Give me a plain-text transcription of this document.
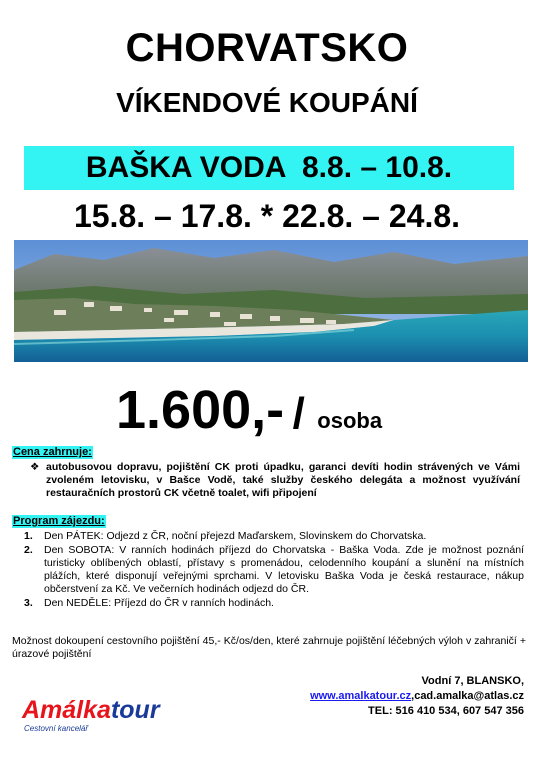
CHORVATSKO
VÍKENDOVÉ KOUPÁNÍ
BAŠKA VODA  8.8. – 10.8.
15.8. – 17.8. * 22.8. – 24.8.
1.600,- / osoba
Cena zahrnuje:
❖ autobusovou dopravu, pojištění CK proti úpadku, garanci devíti hodin strávených ve Vámi zvoleném letovisku, v Bašce Vodě, také služby českého delegáta a možnost využívání restauračních prostorů CK včetně toalet, wifi připojení
Program zájezdu:
1.	Den PÁTEK: Odjezd z ČR, noční přejezd Maďarskem, Slovinskem do Chorvatska.
2.	Den SOBOTA: V ranních hodinách příjezd do Chorvatska - Baška Voda. Zde je možnost poznání turisticky oblíbených oblastí, přístavy s promenádou, celodenního koupání a slunění na místních plážích, které disponují veřejnými sprchami. V letovisku Baška Voda je česká restaurace, nákup občerstvení za Kč. Ve večerních hodinách odjezd do ČR.
3.	Den NEDĚLE: Příjezd do ČR v ranních hodinách.
Možnost dokoupení cestovního pojištění 45,- Kč/os/den, které zahrnuje pojištění léčebných výloh v zahraničí + úrazové pojištění
Amálkatour
Cestovní kancelář
Vodní 7, BLANSKO,
www.amalkatour.cz,cad.amalka@atlas.cz
TEL: 516 410 534, 607 547 356
